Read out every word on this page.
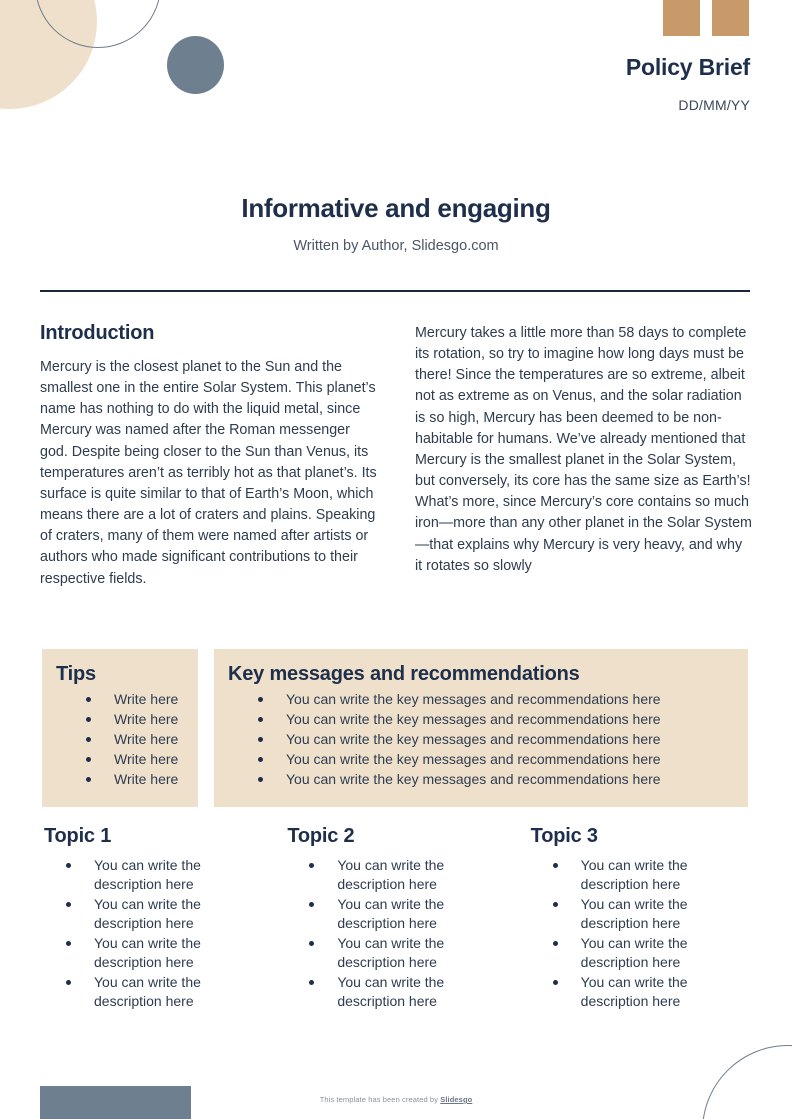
Policy Brief
DD/MM/YY
Informative and engaging
Written by Author, Slidesgo.com
Introduction

Mercury is the closest planet to the Sun and the smallest one in the entire Solar System. This planet’s name has nothing to do with the liquid metal, since Mercury was named after the Roman messenger god. Despite being closer to the Sun than Venus, its temperatures aren’t as terribly hot as that planet’s. Its surface is quite similar to that of Earth’s Moon, which means there are a lot of craters and plains. Speaking of craters, many of them were named after artists or authors who made significant contributions to their respective fields.

Mercury takes a little more than 58 days to complete its rotation, so try to imagine how long days must be there! Since the temperatures are so extreme, albeit not as extreme as on Venus, and the solar radiation is so high, Mercury has been deemed to be non-habitable for humans. We’ve already mentioned that Mercury is the smallest planet in the Solar System, but conversely, its core has the same size as Earth’s! What’s more, since Mercury’s core contains so much iron—more than any other planet in the Solar System—that explains why Mercury is very heavy, and why it rotates so slowly

Tips
Write here
Write here
Write here
Write here
Write here
Key messages and recommendations
You can write the key messages and recommendations here
You can write the key messages and recommendations here
You can write the key messages and recommendations here
You can write the key messages and recommendations here
You can write the key messages and recommendations here
Topic 1
You can write the description here
You can write the description here
You can write the description here
You can write the description here
Topic 2
You can write the description here
You can write the description here
You can write the description here
You can write the description here
Topic 3
You can write the description here
You can write the description here
You can write the description here
You can write the description here
This template has been created by Slidesgo
